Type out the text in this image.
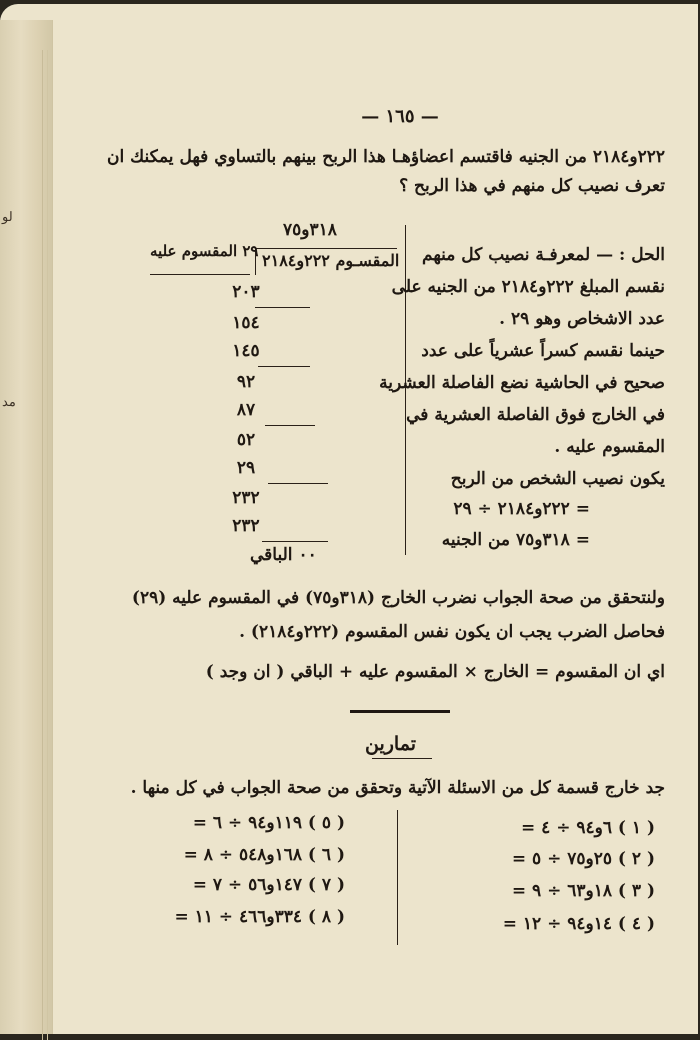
لو
مد
— ١٦٥ —
٢٢٢و٢١٨٤ من الجنيه فاقتسم اعضاؤهـا هذا الربح بينهم بالتساوي فهل يمكنك ان
تعرف نصيب كل منهم في هذا الربح ؟
الحل : — لمعرفـة نصيب كل منهم
نقسم المبلغ ٢٢٢و٢١٨٤ من الجنيه على
عدد الاشخاص وهو ٢٩ .
حينما نقسم كسراً عشرياً على عدد
صحيح في الحاشية نضع الفاصلة العشرية
في الخارج فوق الفاصلة العشرية في
المقسوم عليه .
يكون نصيب الشخص من الربح
= ٢٢٢و٢١٨٤ ÷ ٢٩
= ٣١٨و٧٥ من الجنيه
٣١٨و٧٥
المقسـوم ٢٢٢و٢١٨٤
٢٩ المقسوم عليه
٢٠٣
١٥٤
١٤٥
٩٢
٨٧
٥٢
٢٩
٢٣٢
٢٣٢
٠٠ الباقي
ولنتحقق من صحة الجواب نضرب الخارج (٣١٨و٧٥) في المقسوم عليه (٢٩)
فحاصل الضرب يجب ان يكون نفس المقسوم (٢٢٢و٢١٨٤) .
اي ان المقسوم = الخارج × المقسوم عليه + الباقي ( ان وجد )
تمارين
جد خارج قسمة كل من الاسئلة الآتية وتحقق من صحة الجواب في كل منها .
( ١ ) ٦و٩٤ ÷ ٤ =
( ٢ ) ٢٥و٧٥ ÷ ٥ =
( ٣ ) ١٨و٦٣ ÷ ٩ =
( ٤ ) ١٤و٩٤ ÷ ١٢ =
( ٥ ) ١١٩و٩٤ ÷ ٦ =
( ٦ ) ١٦٨و٥٤٨ ÷ ٨ =
( ٧ ) ١٤٧و٥٦ ÷ ٧ =
( ٨ ) ٣٣٤و٤٦٦ ÷ ١١ =
